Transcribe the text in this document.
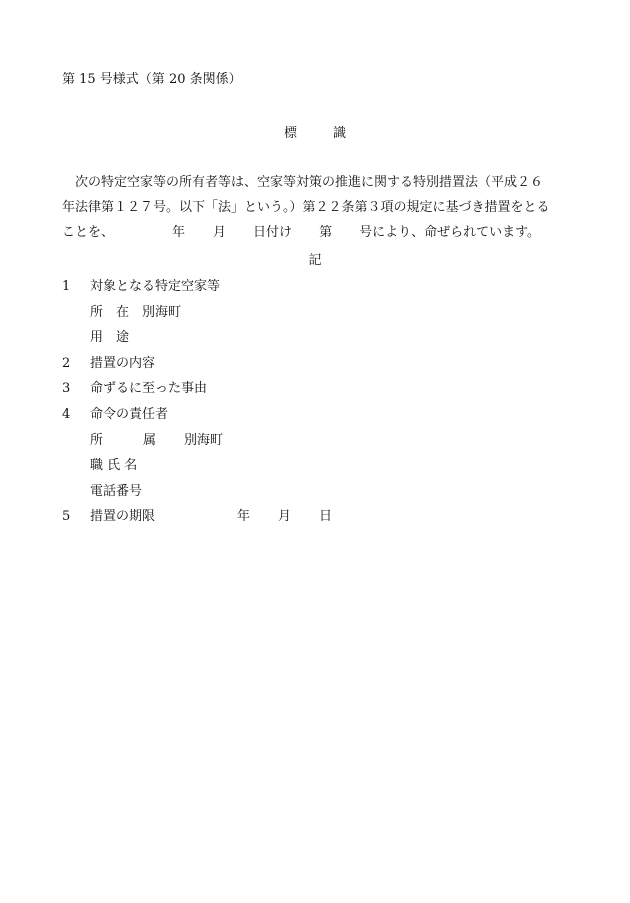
第 15 号様式（第 20 条関係）
標	識
次の特定空家等の所有者等は、空家等対策の推進に関する特別措置法（平成２６
年法律第１２７号。以下「法」という。）第２２条第３項の規定に基づき措置をとる
ことを、	年 月 日付け 第 号により、命ぜられています。
記
1 対象となる特定空家等
所 在 別海町
用 途
2 措置の内容
3 命ずるに至った事由
4 命令の責任者
所	属 別海町
職 氏 名
電話番号
5 措置の期限	年 月 日
